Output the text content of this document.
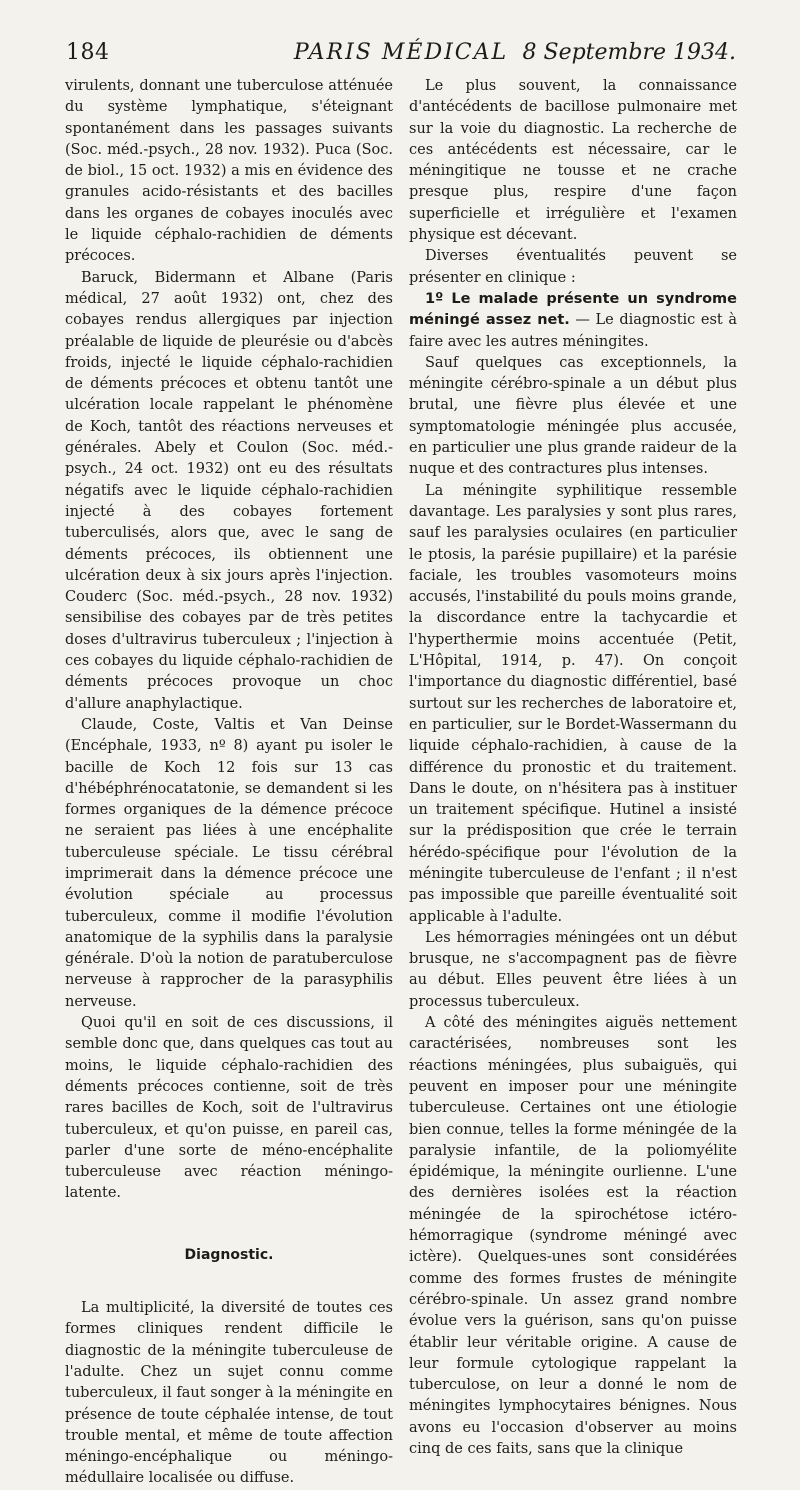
184	PARIS MÉDICAL 8 Septembre 1934.

virulents, donnant une tuberculose atténuée du système lymphatique, s'éteignant spontanément dans les passages suivants (Soc. méd.-psych., 28 nov. 1932). Puca (Soc. de biol., 15 oct. 1932) a mis en évidence des granules acido-résistants et des bacilles dans les organes de cobayes inoculés avec le liquide céphalo-rachidien de déments précoces.

Baruck, Bidermann et Albane (Paris médical, 27 août 1932) ont, chez des cobayes rendus allergiques par injection préalable de liquide de pleurésie ou d'abcès froids, injecté le liquide céphalo-rachidien de déments précoces et obtenu tantôt une ulcération locale rappelant le phénomène de Koch, tantôt des réactions nerveuses et générales. Abely et Coulon (Soc. méd.-psych., 24 oct. 1932) ont eu des résultats négatifs avec le liquide céphalo-rachidien injecté à des cobayes fortement tuberculisés, alors que, avec le sang de déments précoces, ils obtiennent une ulcération deux à six jours après l'injection. Couderc (Soc. méd.-psych., 28 nov. 1932) sensibilise des cobayes par de très petites doses d'ultravirus tuberculeux ; l'injection à ces cobayes du liquide céphalo-rachidien de déments précoces provoque un choc d'allure anaphylactique.

Claude, Coste, Valtis et Van Deinse (Encéphale, 1933, nº 8) ayant pu isoler le bacille de Koch 12 fois sur 13 cas d'hébéphrénocatatonie, se demandent si les formes organiques de la démence précoce ne seraient pas liées à une encéphalite tuberculeuse spéciale. Le tissu cérébral imprimerait dans la démence précoce une évolution spéciale au processus tuberculeux, comme il modifie l'évolution anatomique de la syphilis dans la paralysie générale. D'où la notion de paratuberculose nerveuse à rapprocher de la parasyphilis nerveuse.

Quoi qu'il en soit de ces discussions, il semble donc que, dans quelques cas tout au moins, le liquide céphalo-rachidien des déments précoces contienne, soit de très rares bacilles de Koch, soit de l'ultravirus tuberculeux, et qu'on puisse, en pareil cas, parler d'une sorte de méno-encéphalite tuberculeuse avec réaction méningo-latente.

Diagnostic.

La multiplicité, la diversité de toutes ces formes cliniques rendent difficile le diagnostic de la méningite tuberculeuse de l'adulte. Chez un sujet connu comme tuberculeux, il faut songer à la méningite en présence de toute céphalée intense, de tout trouble mental, et même de toute affection méningo-encéphalique ou méningo-médullaire localisée ou diffuse.

Le plus souvent, la connaissance d'antécédents de bacillose pulmonaire met sur la voie du diagnostic. La recherche de ces antécédents est nécessaire, car le méningitique ne tousse et ne crache presque plus, respire d'une façon superficielle et irrégulière et l'examen physique est décevant.

Diverses éventualités peuvent se présenter en clinique :

1º Le malade présente un syndrome méningé assez net. — Le diagnostic est à faire avec les autres méningites.

Sauf quelques cas exceptionnels, la méningite cérébro-spinale a un début plus brutal, une fièvre plus élevée et une symptomatologie méningée plus accusée, en particulier une plus grande raideur de la nuque et des contractures plus intenses.

La méningite syphilitique ressemble davantage. Les paralysies y sont plus rares, sauf les paralysies oculaires (en particulier le ptosis, la parésie pupillaire) et la parésie faciale, les troubles vasomoteurs moins accusés, l'instabilité du pouls moins grande, la discordance entre la tachycardie et l'hyperthermie moins accentuée (Petit, L'Hôpital, 1914, p. 47). On conçoit l'importance du diagnostic différentiel, basé surtout sur les recherches de laboratoire et, en particulier, sur le Bordet-Wassermann du liquide céphalo-rachidien, à cause de la différence du pronostic et du traitement. Dans le doute, on n'hésitera pas à instituer un traitement spécifique. Hutinel a insisté sur la prédisposition que crée le terrain hérédo-spécifique pour l'évolution de la méningite tuberculeuse de l'enfant ; il n'est pas impossible que pareille éventualité soit applicable à l'adulte.

Les hémorragies méningées ont un début brusque, ne s'accompagnent pas de fièvre au début. Elles peuvent être liées à un processus tuberculeux.

A côté des méningites aiguës nettement caractérisées, nombreuses sont les réactions méningées, plus subaiguës, qui peuvent en imposer pour une méningite tuberculeuse. Certaines ont une étiologie bien connue, telles la forme méningée de la paralysie infantile, de la poliomyélite épidémique, la méningite ourlienne. L'une des dernières isolées est la réaction méningée de la spirochétose ictéro-hémorragique (syndrome méningé avec ictère). Quelques-unes sont considérées comme des formes frustes de méningite cérébro-spinale. Un assez grand nombre évolue vers la guérison, sans qu'on puisse établir leur véritable origine. A cause de leur formule cytologique rappelant la tuberculose, on leur a donné le nom de méningites lymphocytaires bénignes. Nous avons eu l'occasion d'observer au moins cinq de ces faits, sans que la clinique
